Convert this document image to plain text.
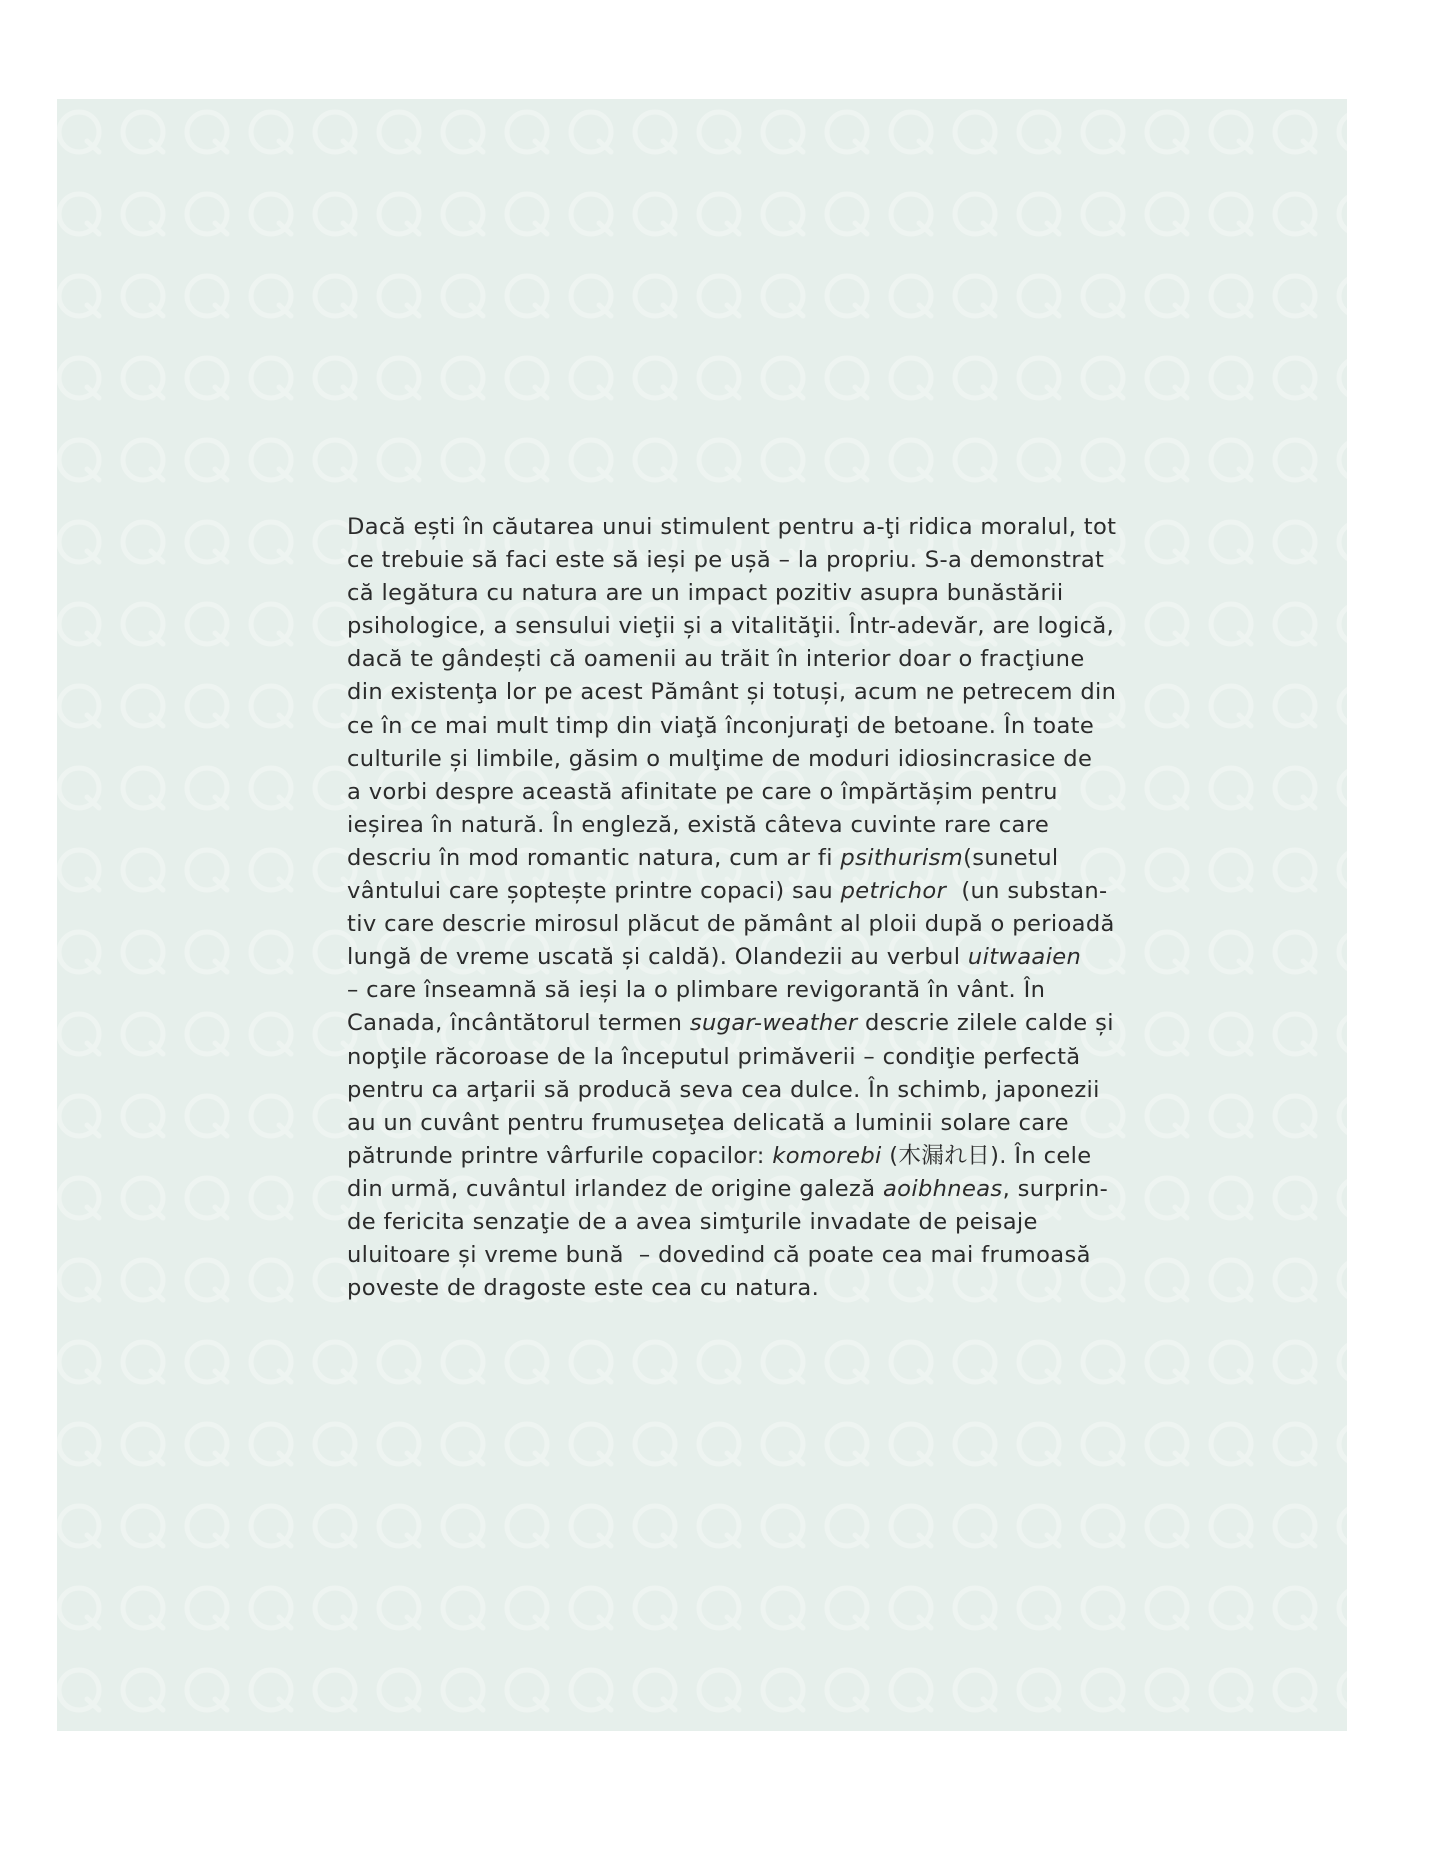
Dacă ești în căutarea unui stimulent pentru a-ţi ridica moralul, tot
ce trebuie să faci este să ieși pe ușă – la propriu. S-a demonstrat
că legătura cu natura are un impact pozitiv asupra bunăstării
psihologice, a sensului vieţii și a vitalităţii. Într-adevăr, are logică,
dacă te gândești că oamenii au trăit în interior doar o fracţiune
din existenţa lor pe acest Pământ și totuși, acum ne petrecem din
ce în ce mai mult timp din viaţă înconjuraţi de betoane. În toate
culturile și limbile, găsim o mulţime de moduri idiosincrasice de
a vorbi despre această afinitate pe care o împărtășim pentru
ieșirea în natură. În engleză, există câteva cuvinte rare care
descriu în mod romantic natura, cum ar fi psithurism(sunetul
vântului care șoptește printre copaci) sau petrichor  (un substan-
tiv care descrie mirosul plăcut de pământ al ploii după o perioadă
lungă de vreme uscată și caldă). Olandezii au verbul uitwaaien
– care înseamnă să ieși la o plimbare revigorantă în vânt. În
Canada, încântătorul termen sugar-weather descrie zilele calde și
nopţile răcoroase de la începutul primăverii – condiţie perfectă
pentru ca arţarii să producă seva cea dulce. În schimb, japonezii
au un cuvânt pentru frumuseţea delicată a luminii solare care
pătrunde printre vârfurile copacilor: komorebi (木漏れ日). În cele
din urmă, cuvântul irlandez de origine galeză aoibhneas, surprin-
de fericita senzaţie de a avea simţurile invadate de peisaje
uluitoare și vreme bună  – dovedind că poate cea mai frumoasă
poveste de dragoste este cea cu natura.
